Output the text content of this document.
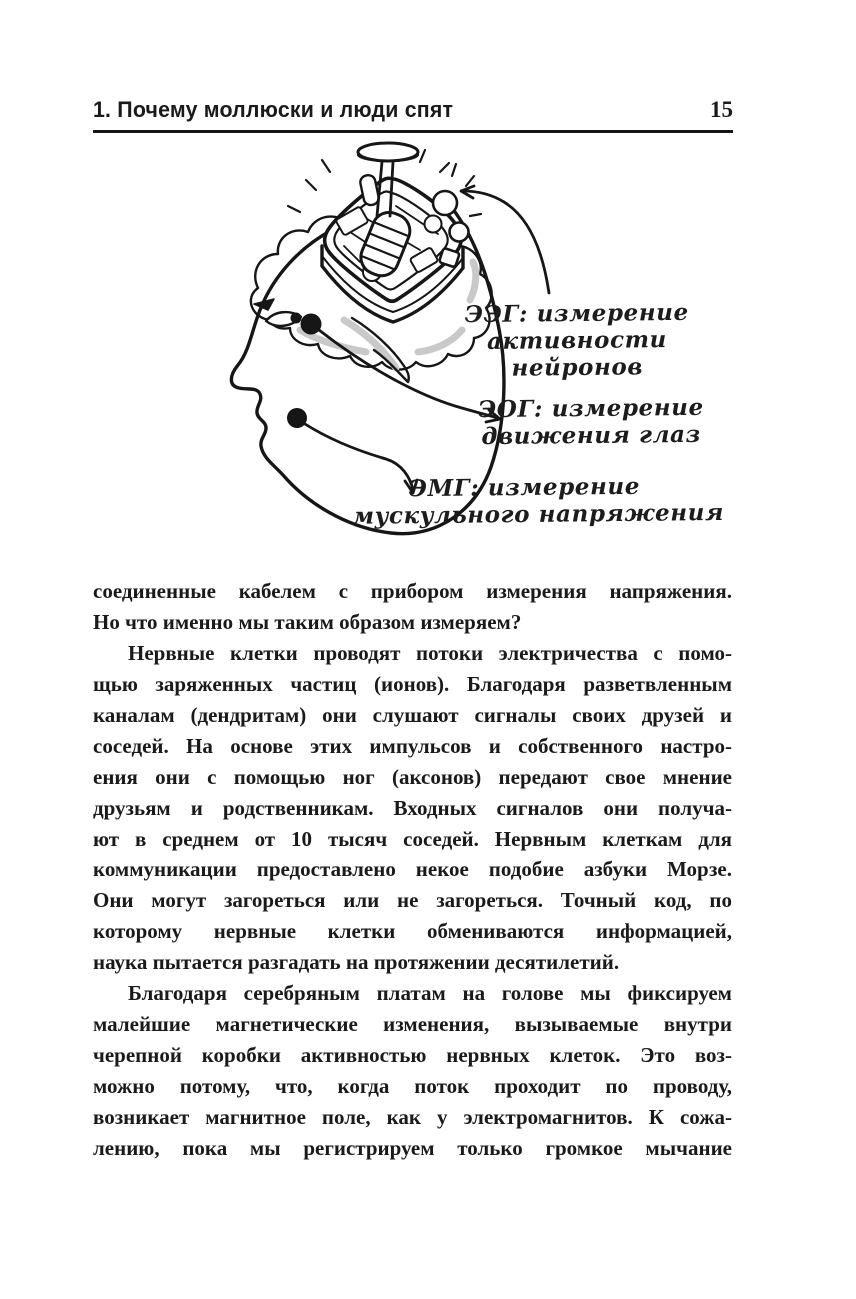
1. Почему моллюски и люди спят	15
ЭЭГ: измерение
активности
нейронов
ЭОГ: измерение
движения глаз
ЭМГ: измерение
мускульного напряжения
соединенные кабелем с прибором измерения напряжения.
Но что именно мы таким образом измеряем?
Нервные клетки проводят потоки электричества с помо-
щью заряженных частиц (ионов). Благодаря разветвленным
каналам (дендритам) они слушают сигналы своих друзей и
соседей. На основе этих импульсов и собственного настро-
ения они с помощью ног (аксонов) передают свое мнение
друзьям и родственникам. Входных сигналов они получа-
ют в среднем от 10 тысяч соседей. Нервным клеткам для
коммуникации предоставлено некое подобие азбуки Морзе.
Они могут загореться или не загореться. Точный код, по
которому нервные клетки обмениваются информацией,
наука пытается разгадать на протяжении десятилетий.
Благодаря серебряным платам на голове мы фиксируем
малейшие магнетические изменения, вызываемые внутри
черепной коробки активностью нервных клеток. Это воз-
можно потому, что, когда поток проходит по проводу,
возникает магнитное поле, как у электромагнитов. К сожа-
лению, пока мы регистрируем только громкое мычание
